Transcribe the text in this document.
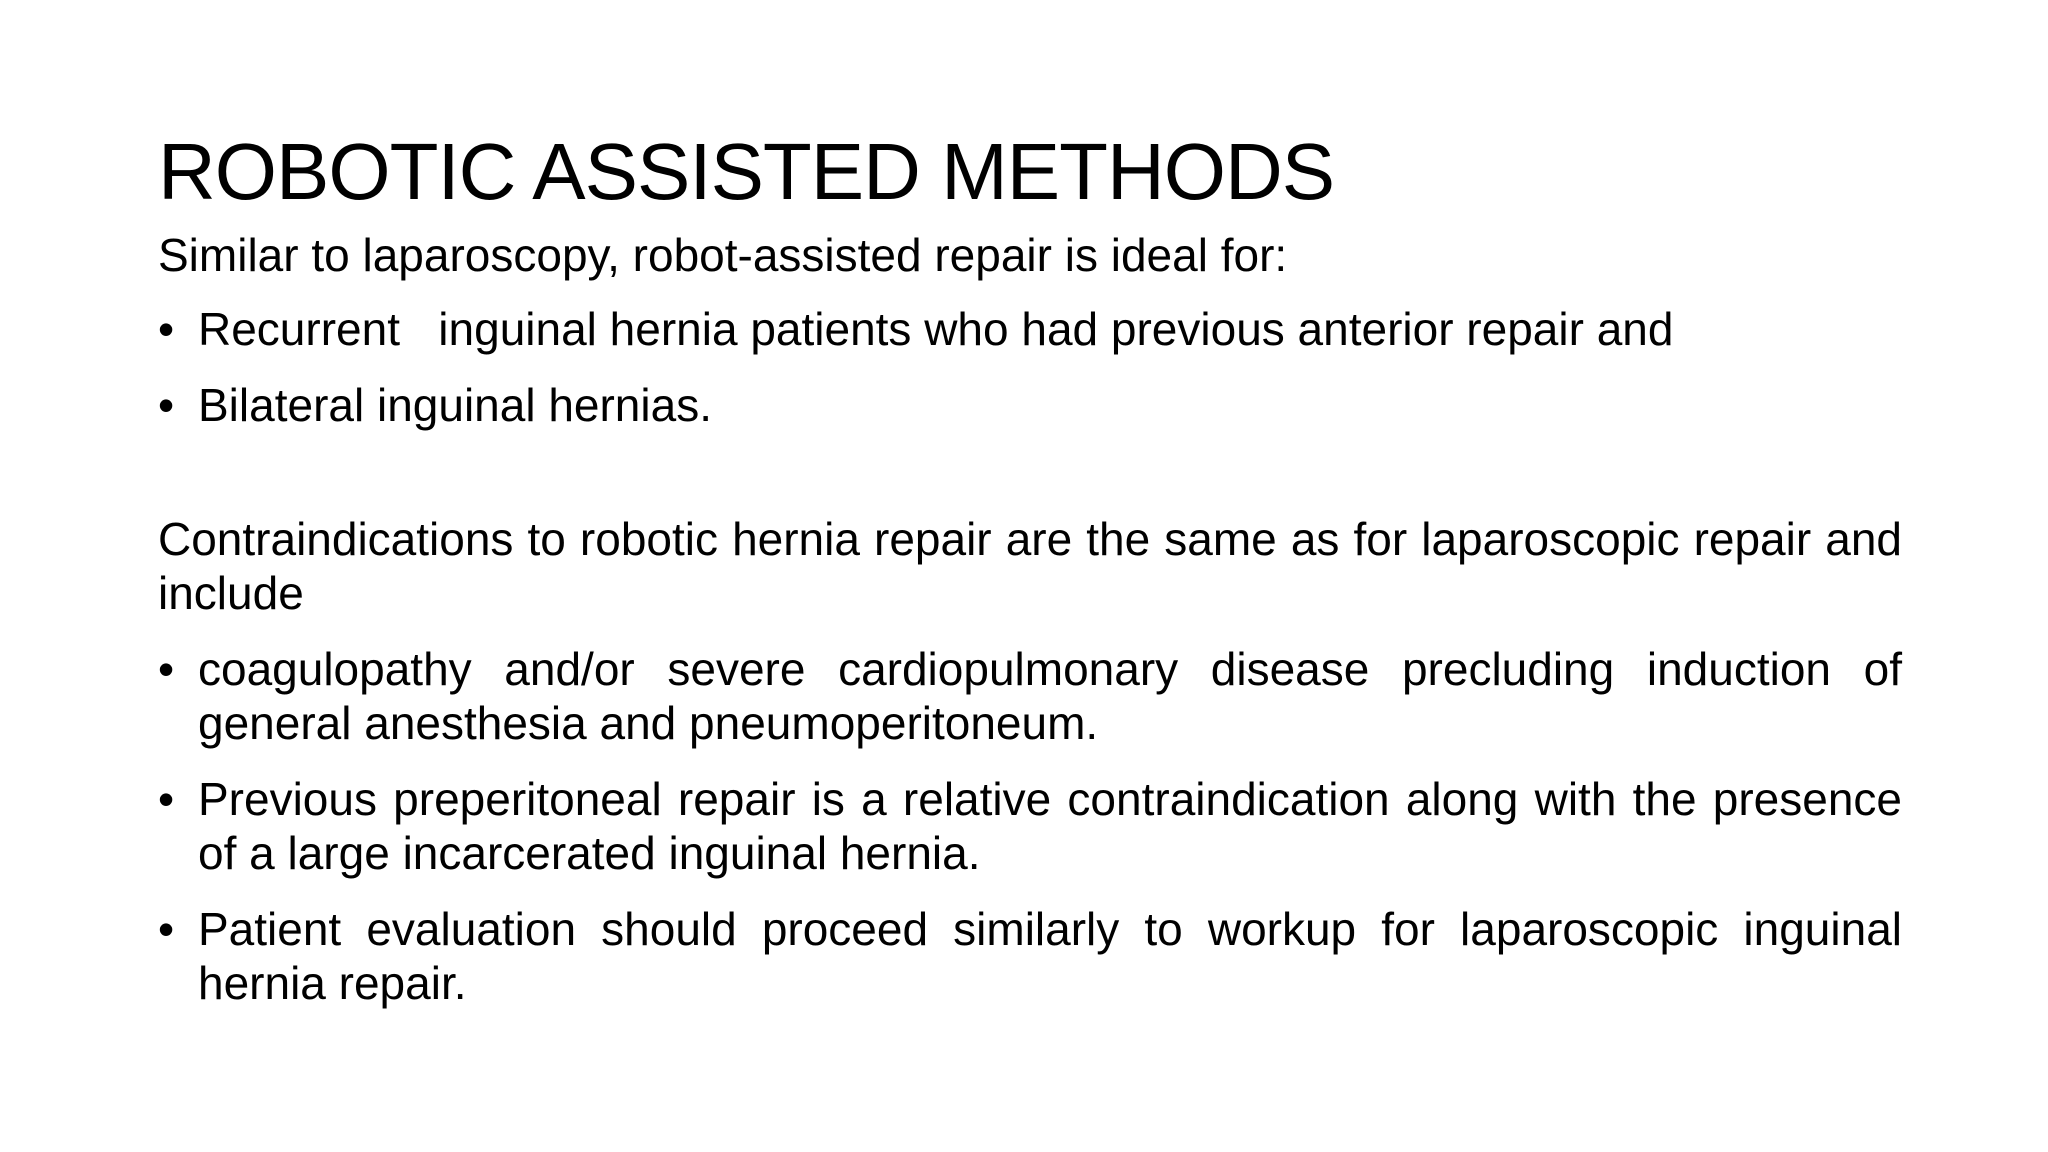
ROBOTIC ASSISTED METHODS

Similar to laparoscopy, robot-assisted repair is ideal for:

• Recurrent   inguinal hernia patients who had previous anterior repair and
• Bilateral inguinal hernias.

Contraindications to robotic hernia repair are the same as for laparoscopic repair and include

• coagulopathy and/or severe cardiopulmonary disease precluding induction of general anesthesia and pneumoperitoneum.
• Previous preperitoneal repair is a relative contraindication along with the presence of a large incarcerated inguinal hernia.
• Patient evaluation should proceed similarly to workup for laparoscopic inguinal hernia repair.
